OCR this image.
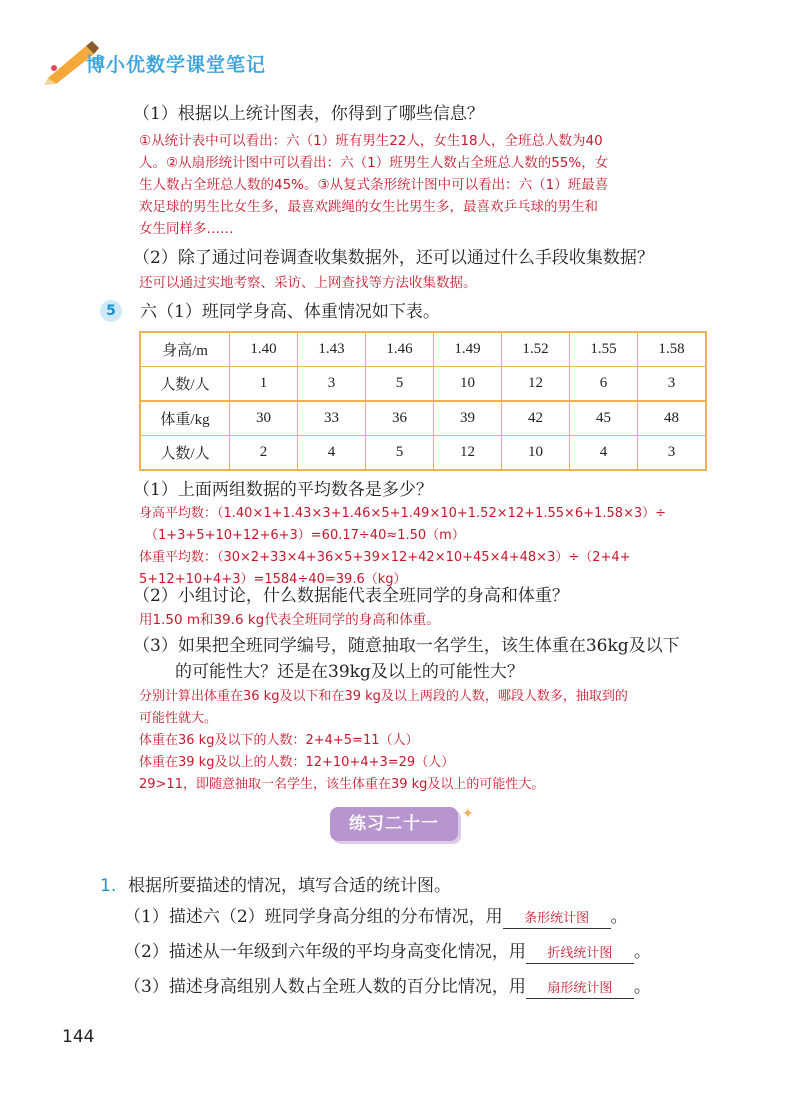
博小优数学课堂笔记
（1）根据以上统计图表，你得到了哪些信息？
①从统计表中可以看出：六（1）班有男生22人，女生18人，全班总人数为40
人。②从扇形统计图中可以看出：六（1）班男生人数占全班总人数的55%，女
生人数占全班总人数的45%。③从复式条形统计图中可以看出：六（1）班最喜
欢足球的男生比女生多，最喜欢跳绳的女生比男生多，最喜欢乒乓球的男生和
女生同样多……
（2）除了通过问卷调查收集数据外，还可以通过什么手段收集数据？
还可以通过实地考察、采访、上网查找等方法收集数据。
5	六（1）班同学身高、体重情况如下表。
身高/m	1.40	1.43	1.46	1.49	1.52	1.55	1.58
人数/人	1	3	5	10	12	6	3
体重/kg	30	33	36	39	42	45	48
人数/人	2	4	5	12	10	4	3
（1）上面两组数据的平均数各是多少？
身高平均数：（1.40×1+1.43×3+1.46×5+1.49×10+1.52×12+1.55×6+1.58×3）÷
（1+3+5+10+12+6+3）=60.17÷40≈1.50（m）
体重平均数：（30×2+33×4+36×5+39×12+42×10+45×4+48×3）÷（2+4+
5+12+10+4+3）=1584÷40=39.6（kg）
（2）小组讨论，什么数据能代表全班同学的身高和体重？
用1.50 m和39.6 kg代表全班同学的身高和体重。
（3）如果把全班同学编号，随意抽取一名学生，该生体重在36kg及以下
的可能性大？还是在39kg及以上的可能性大？
分别计算出体重在36 kg及以下和在39 kg及以上两段的人数，哪段人数多，抽取到的
可能性就大。
体重在36 kg及以下的人数：2+4+5=11（人）
体重在39 kg及以上的人数：12+10+4+3=29（人）
29>11，即随意抽取一名学生，该生体重在39 kg及以上的可能性大。
练习二十一	✦
1. 根据所要描述的情况，填写合适的统计图。
（1）描述六（2）班同学身高分组的分布情况，用 条形统计图 。
（2）描述从一年级到六年级的平均身高变化情况，用 折线统计图 。
（3）描述身高组别人数占全班人数的百分比情况，用 扇形统计图 。
144
